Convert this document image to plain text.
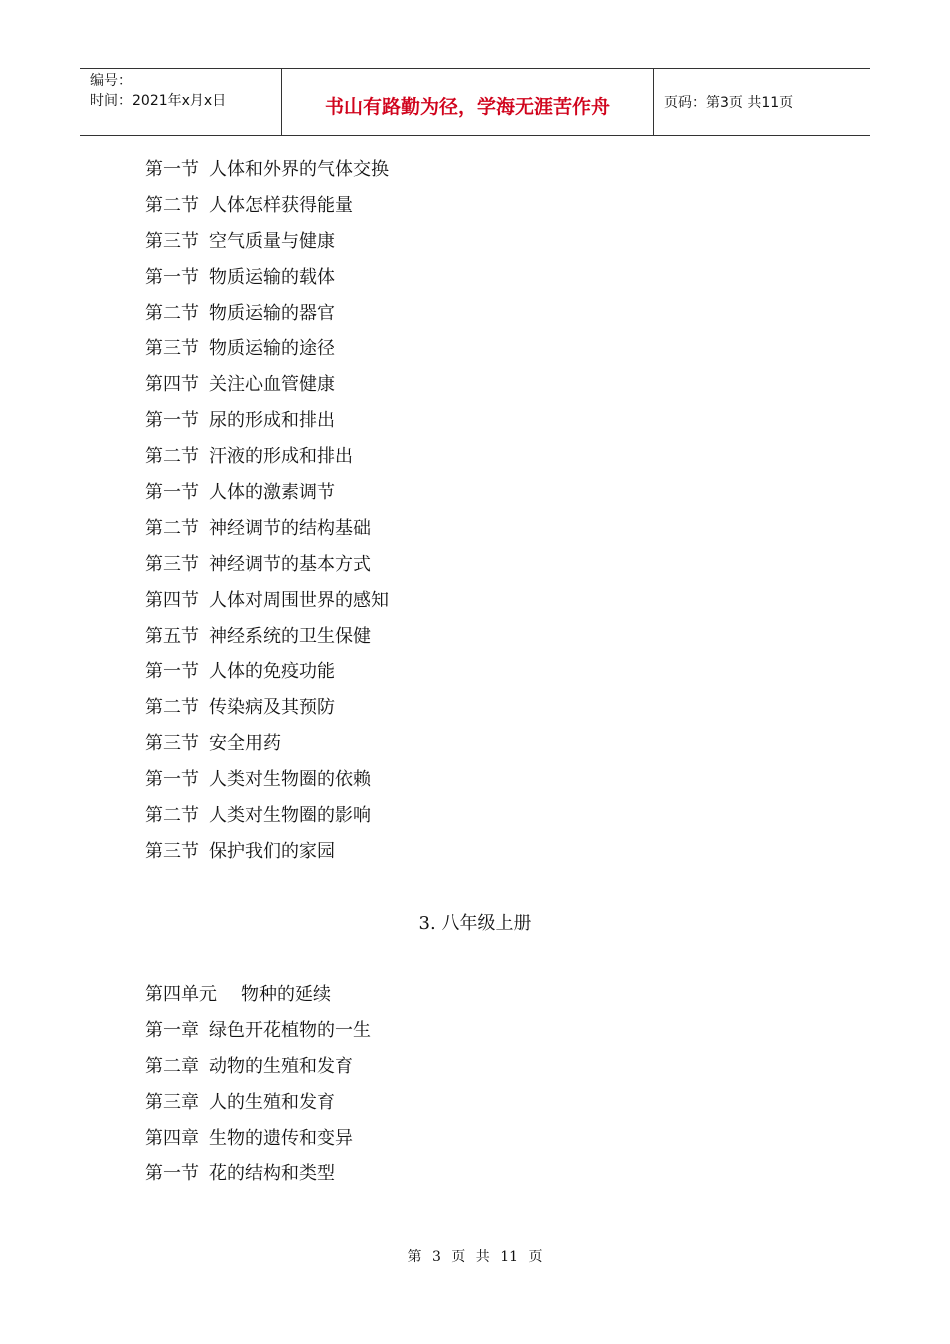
编号：
时间：2021年x月x日	书山有路勤为径，学海无涯苦作舟	页码：第3页 共11页
第一节 人体和外界的气体交换
第二节 人体怎样获得能量
第三节 空气质量与健康
第一节 物质运输的载体
第二节 物质运输的器官
第三节 物质运输的途径
第四节 关注心血管健康
第一节 尿的形成和排出
第二节 汗液的形成和排出
第一节 人体的激素调节
第二节 神经调节的结构基础
第三节 神经调节的基本方式
第四节 人体对周围世界的感知
第五节 神经系统的卫生保健
第一节 人体的免疫功能
第二节 传染病及其预防
第三节 安全用药
第一节 人类对生物圈的依赖
第二节 人类对生物圈的影响
第三节 保护我们的家园
3. 八年级上册
第四单元 物种的延续
第一章 绿色开花植物的一生
第二章 动物的生殖和发育
第三章 人的生殖和发育
第四章 生物的遗传和变异
第一节 花的结构和类型
第 3 页 共 11 页
